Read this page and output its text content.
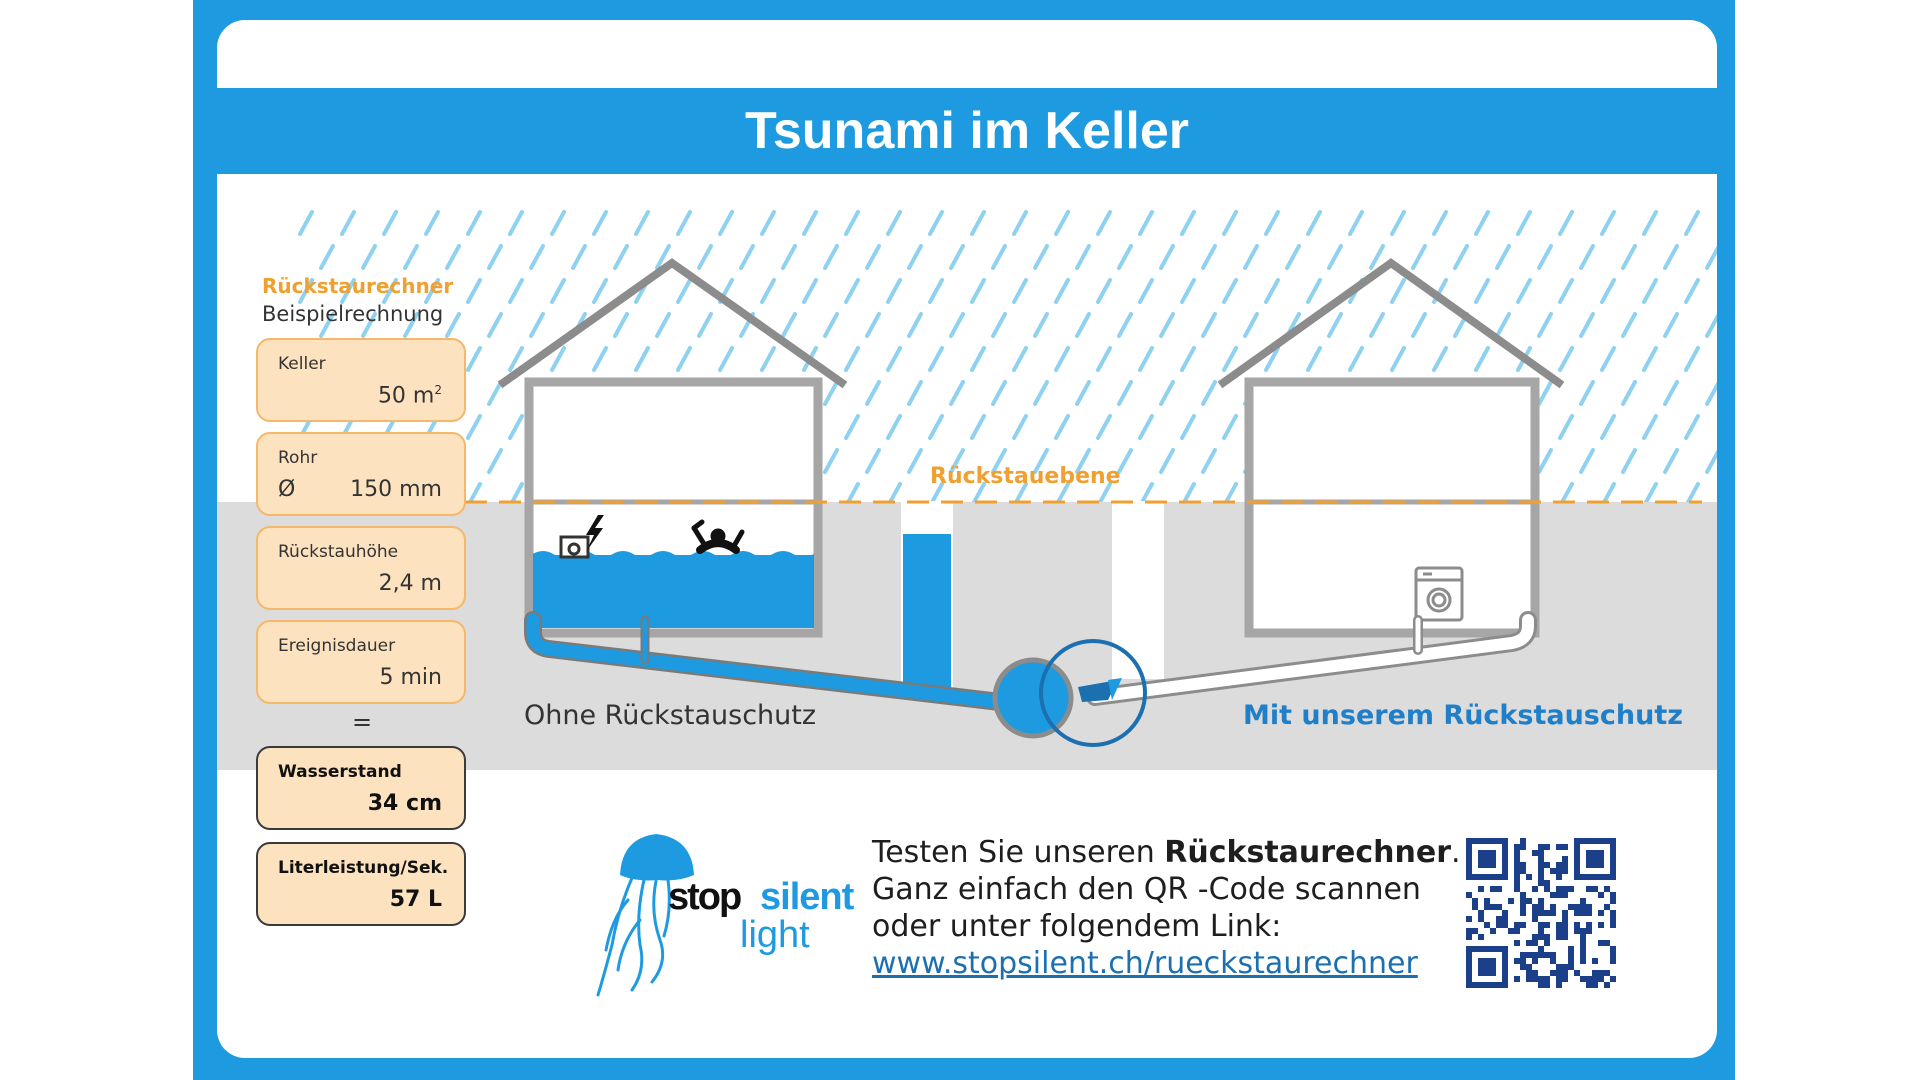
Tsunami im Keller
Rückstaurechner
Beispielrechnung
Keller
50 $m^2$
Rohr
Ø 150 mm
Rückstauhöhe
2,4 m
Ereignisdauer
5 min
=
Wasserstand
34 cm
Literleistung/Sek.
57 L
Rückstauebene
Ohne Rückstauschutz	Mit unserem Rückstauschutz
stop silent
light
Testen Sie unseren Rückstaurechner.
Ganz einfach den QR -Code scannen
oder unter folgendem Link:
www.stopsilent.ch/rueckstaurechner
